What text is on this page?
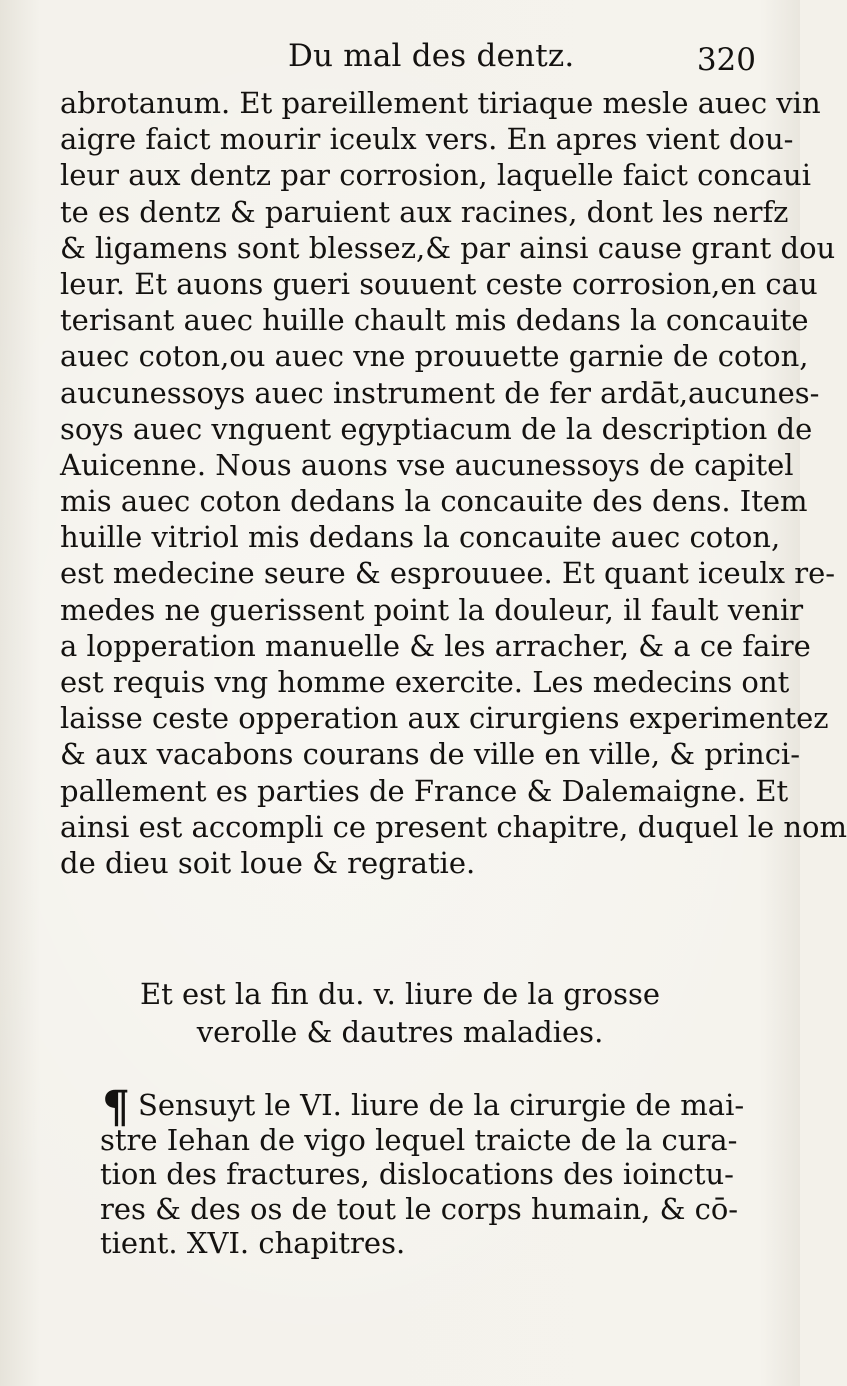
Du mal des dentz.	320
abrotanum. Et pareillement tiriaque mesle auec vin
aigre faict mourir iceulx vers. En apres vient dou-
leur aux dentz par corrosion, laquelle faict concaui
te es dentz & paruient aux racines, dont les nerfz
& ligamens sont blessez,& par ainsi cause grant dou
leur. Et auons gueri souuent ceste corrosion,en cau
terisant auec huille chault mis dedans la concauite
auec coton,ou auec vne prouuette garnie de coton,
aucunessoys auec instrument de fer ardāt,aucunes-
soys auec vnguent egyptiacum de la description de
Auicenne. Nous auons vse aucunessoys de capitel
mis auec coton dedans la concauite des dens. Item
huille vitriol mis dedans la concauite auec coton,
est medecine seure & esprouuee. Et quant iceulx re-
medes ne guerissent point la douleur, il fault venir
a lopperation manuelle & les arracher, & a ce faire
est requis vng homme exercite. Les medecins ont
laisse ceste opperation aux cirurgiens experimentez
& aux vacabons courans de ville en ville, & princi-
pallement es parties de France & Dalemaigne. Et
ainsi est accompli ce present chapitre, duquel le nom
de dieu soit loue & regratie.
Et est la fin du. v. liure de la grosse
verolle & dautres maladies.
¶ Sensuyt le VI. liure de la cirurgie de mai-
stre Iehan de vigo lequel traicte de la cura-
tion des fractures, dislocations des ioinctu-
res & des os de tout le corps humain, & cō-
tient. XVI. chapitres.
